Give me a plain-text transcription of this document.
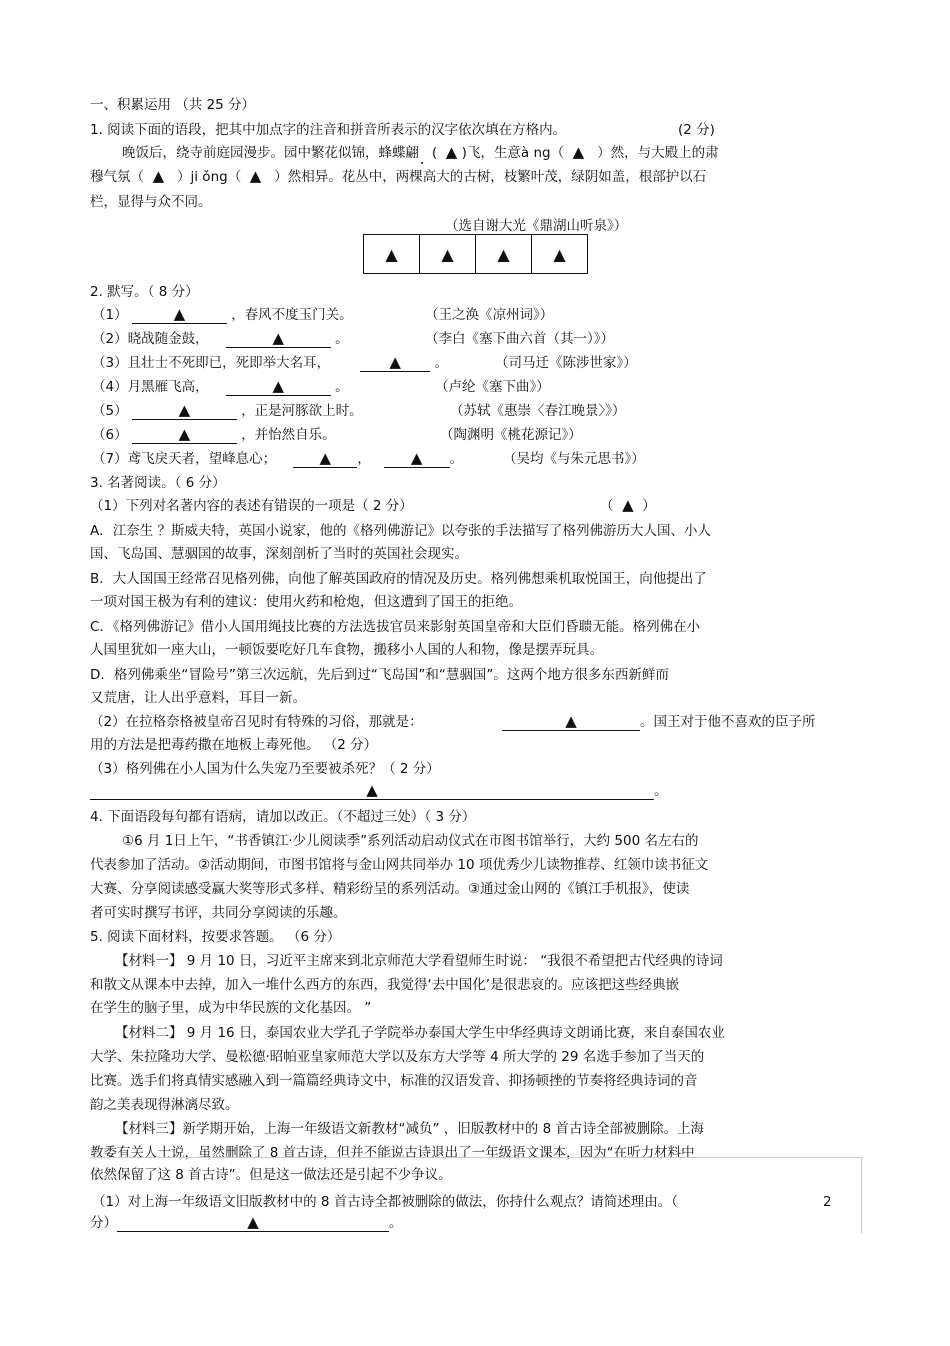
一、积累运用 （共 25 分）
1. 阅读下面的语段，把其中加点字的注音和拼音所表示的汉字依次填在方格内。	(2 分)
晚饭后，绕寺前庭园漫步。园中繁花似锦，蜂蝶翩 ( ▲ )飞，生意à ng（ ▲ ）然，与大殿上的肃
穆气氛（ ▲ ）ji ǒng（ ▲ ）然相异。花丛中，两棵高大的古树，枝繁叶茂，绿阴如盖，根部护以石
栏，显得与众不同。
（选自谢大光《鼎湖山听泉》）
▲	▲	▲	▲
2. 默写。（ 8 分）
（1）	▲	，春风不度玉门关。	（王之涣《凉州词》）
（2）晓战随金鼓，	▲	。	（李白《塞下曲六首（其一）》）
（3）且壮士不死即已，死即举大名耳，	▲ 。	（司马迁《陈涉世家》）
（4）月黑雁飞高，	▲	。	（卢纶《塞下曲》）
（5）	▲	，正是河豚欲上时。	（苏轼《惠崇〈春江晚景〉》）
（6）	▲	，并怡然自乐。	（陶渊明《桃花源记》）
（7）鸢飞戾天者，望峰息心；	▲ ，	▲ 。	（吴均《与朱元思书》）
3. 名著阅读。（ 6 分）
（1）下列对名著内容的表述有错误的一项是（ 2 分）	（ ▲ ）
A．江奈生 ？斯威夫特，英国小说家，他的《格列佛游记》以夸张的手法描写了格列佛游历大人国、小人
国、飞岛国、慧骃国的故事，深刻剖析了当时的英国社会现实。
B．大人国国王经常召见格列佛，向他了解英国政府的情况及历史。格列佛想乘机取悦国王，向他提出了
一项对国王极为有利的建议：使用火药和枪炮，但这遭到了国王的拒绝。
C．《格列佛游记》借小人国用绳技比赛的方法选拔官员来影射英国皇帝和大臣们昏聩无能。格列佛在小
人国里犹如一座大山，一顿饭要吃好几车食物，搬移小人国的人和物，像是摆弄玩具。
D．格列佛乘坐“冒险号”第三次远航，先后到过“飞岛国”和“慧骃国”。这两个地方很多东西新鲜而
又荒唐，让人出乎意料，耳目一新。
（2）在拉格奈格被皇帝召见时有特殊的习俗，那就是：	▲	。国王对于他不喜欢的臣子所
用的方法是把毒药撒在地板上毒死他。 （2 分）
（3）格列佛在小人国为什么失宠乃至要被杀死？（ 2 分）
▲	。
4. 下面语段每句都有语病，请加以改正。（不超过三处）（ 3 分）
①6 月 1日上午，“书香镇江·少儿阅读季”系列活动启动仪式在市图书馆举行，大约 500 名左右的
代表参加了活动。②活动期间，市图书馆将与金山网共同举办 10 项优秀少儿读物推荐、红领巾读书征文
大赛、分享阅读感受赢大奖等形式多样、精彩纷呈的系列活动。③通过金山网的《镇江手机报》，使读
者可实时撰写书评，共同分享阅读的乐趣。
5. 阅读下面材料，按要求答题。 （6 分）
【材料一】 9 月 10 日，习近平主席来到北京师范大学看望师生时说： “我很不希望把古代经典的诗词
和散文从课本中去掉，加入一堆什么西方的东西，我觉得‘去中国化’是很悲哀的。应该把这些经典嵌
在学生的脑子里，成为中华民族的文化基因。 ”
【材料二】 9 月 16 日，泰国农业大学孔子学院举办泰国大学生中华经典诗文朗诵比赛，来自泰国农业
大学、朱拉隆功大学、曼松德·昭帕亚皇家师范大学以及东方大学等 4 所大学的 29 名选手参加了当天的
比赛。选手们将真情实感融入到一篇篇经典诗文中，标准的汉语发音、抑扬顿挫的节奏将经典诗词的音
韵之美表现得淋漓尽致。
【材料三】新学期开始，上海一年级语文新教材“减负” ，旧版教材中的 8 首古诗全部被删除。上海
教委有关人士说，虽然删除了 8 首古诗，但并不能说古诗退出了一年级语文课本，因为“在听力材料中
依然保留了这 8 首古诗”。但是这一做法还是引起不少争议。
（1）对上海一年级语文旧版教材中的 8 首古诗全都被删除的做法，你持什么观点？请简述理由。（	2
分）	▲	。
